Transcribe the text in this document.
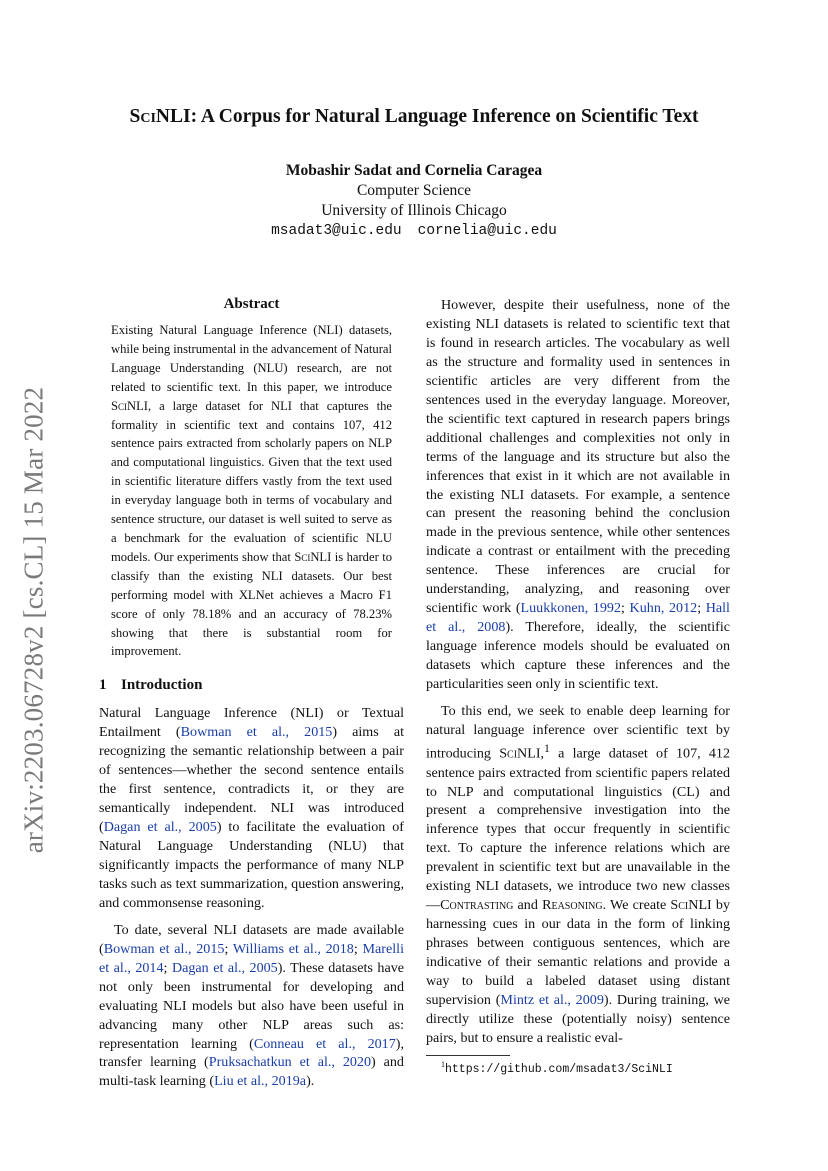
arXiv:2203.06728v2 [cs.CL] 15 Mar 2022
SciNLI: A Corpus for Natural Language Inference on Scientific Text
Mobashir Sadat and Cornelia Caragea
Computer Science
University of Illinois Chicago
msadat3@uic.edu cornelia@uic.edu
Abstract

Existing Natural Language Inference (NLI) datasets, while being instrumental in the advancement of Natural Language Understanding (NLU) research, are not related to scientific text. In this paper, we introduce SciNLI, a large dataset for NLI that captures the formality in scientific text and contains 107, 412 sentence pairs extracted from scholarly papers on NLP and computational linguistics. Given that the text used in scientific literature differs vastly from the text used in everyday language both in terms of vocabulary and sentence structure, our dataset is well suited to serve as a benchmark for the evaluation of scientific NLU models. Our experiments show that SciNLI is harder to classify than the existing NLI datasets. Our best performing model with XLNet achieves a Macro F1 score of only 78.18% and an accuracy of 78.23% showing that there is substantial room for improvement.

1 Introduction

Natural Language Inference (NLI) or Textual Entailment (Bowman et al., 2015) aims at recognizing the semantic relationship between a pair of sentences—whether the second sentence entails the first sentence, contradicts it, or they are semantically independent. NLI was introduced (Dagan et al., 2005) to facilitate the evaluation of Natural Language Understanding (NLU) that significantly impacts the performance of many NLP tasks such as text summarization, question answering, and commonsense reasoning.

To date, several NLI datasets are made available (Bowman et al., 2015; Williams et al., 2018; Marelli et al., 2014; Dagan et al., 2005). These datasets have not only been instrumental for developing and evaluating NLI models but also have been useful in advancing many other NLP areas such as: representation learning (Conneau et al., 2017), transfer learning (Pruksachatkun et al., 2020) and multi-task learning (Liu et al., 2019a).

However, despite their usefulness, none of the existing NLI datasets is related to scientific text that is found in research articles. The vocabulary as well as the structure and formality used in sentences in scientific articles are very different from the sentences used in the everyday language. Moreover, the scientific text captured in research papers brings additional challenges and complexities not only in terms of the language and its structure but also the inferences that exist in it which are not available in the existing NLI datasets. For example, a sentence can present the reasoning behind the conclusion made in the previous sentence, while other sentences indicate a contrast or entailment with the preceding sentence. These inferences are crucial for understanding, analyzing, and reasoning over scientific work (Luukkonen, 1992; Kuhn, 2012; Hall et al., 2008). Therefore, ideally, the scientific language inference models should be evaluated on datasets which capture these inferences and the particularities seen only in scientific text.

To this end, we seek to enable deep learning for natural language inference over scientific text by introducing SciNLI,$^1$ a large dataset of 107, 412 sentence pairs extracted from scientific papers related to NLP and computational linguistics (CL) and present a comprehensive investigation into the inference types that occur frequently in scientific text. To capture the inference relations which are prevalent in scientific text but are unavailable in the existing NLI datasets, we introduce two new classes—Contrasting and Reasoning. We create SciNLI by harnessing cues in our data in the form of linking phrases between contiguous sentences, which are indicative of their semantic relations and provide a way to build a labeled dataset using distant supervision (Mintz et al., 2009). During training, we directly utilize these (potentially noisy) sentence pairs, but to ensure a realistic eval-

$^1$https://github.com/msadat3/SciNLI
